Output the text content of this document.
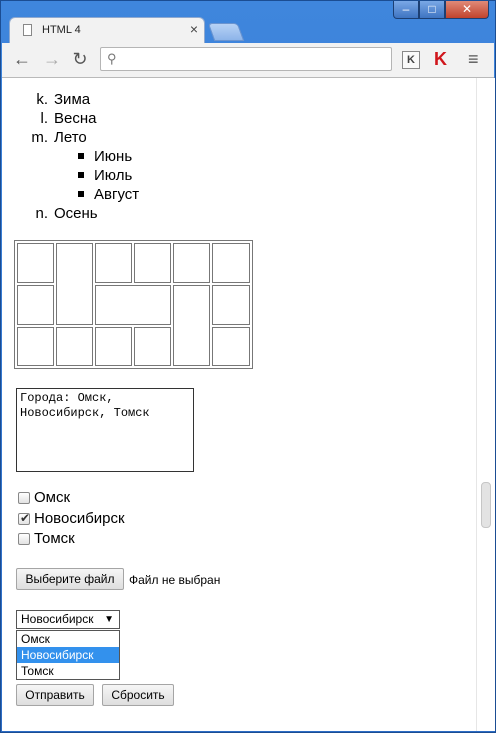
–	□	✕
HTML 4	×
← → ↻ ⚲	K K ≡
k. Зима
l. Весна
m. Лето
Июнь
Июль
Август
n. Осень
Города: Омск, Новосибирск, Томск
Омск
✔ Новосибирск
Томск
Выберите файл	Файл не выбран
Новосибирск ▼
Омск
Новосибирск
Томск
Отправить	Сбросить
